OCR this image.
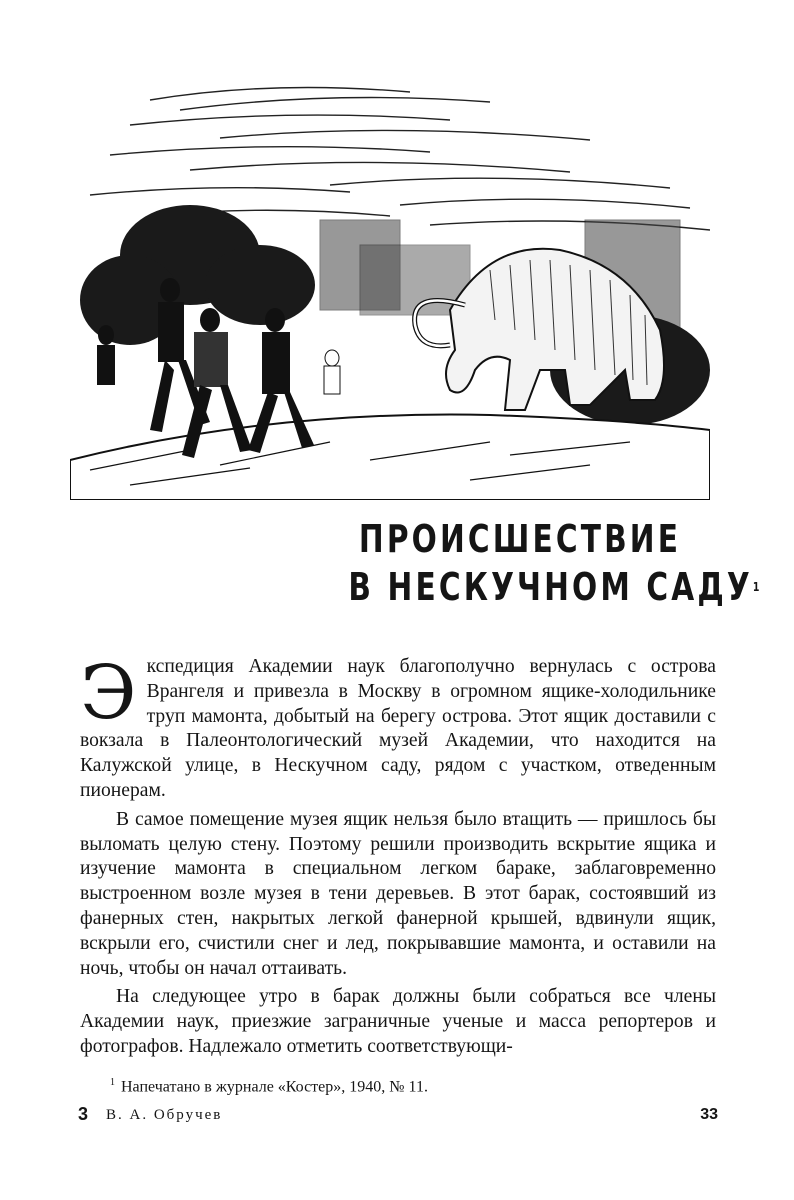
ПРОИСШЕСТВИЕ
В НЕСКУЧНОМ САДУ$^1$

Экспедиция Академии наук благополучно вернулась с острова Врангеля и привезла в Москву в огромном ящике-холодильнике труп мамонта, добытый на берегу острова. Этот ящик доставили с вокзала в Палеонтологический музей Академии, что находится на Калужской улице, в Нескучном саду, рядом с участком, отведенным пионерам.

В самое помещение музея ящик нельзя было втащить — пришлось бы выломать целую стену. Поэтому решили производить вскрытие ящика и изучение мамонта в специальном легком бараке, заблаговременно выстроенном возле музея в тени деревьев. В этот барак, состоявший из фанерных стен, накрытых легкой фанерной крышей, вдвинули ящик, вскрыли его, счистили снег и лед, покрывавшие мамонта, и оставили на ночь, чтобы он начал оттаивать.

На следующее утро в барак должны были собраться все члены Академии наук, приезжие заграничные ученые и масса репортеров и фотографов. Надлежало отметить соответствующи-

$^1$ Напечатано в журнале «Костер», 1940, № 11.
3 В. А. Обручев	33
